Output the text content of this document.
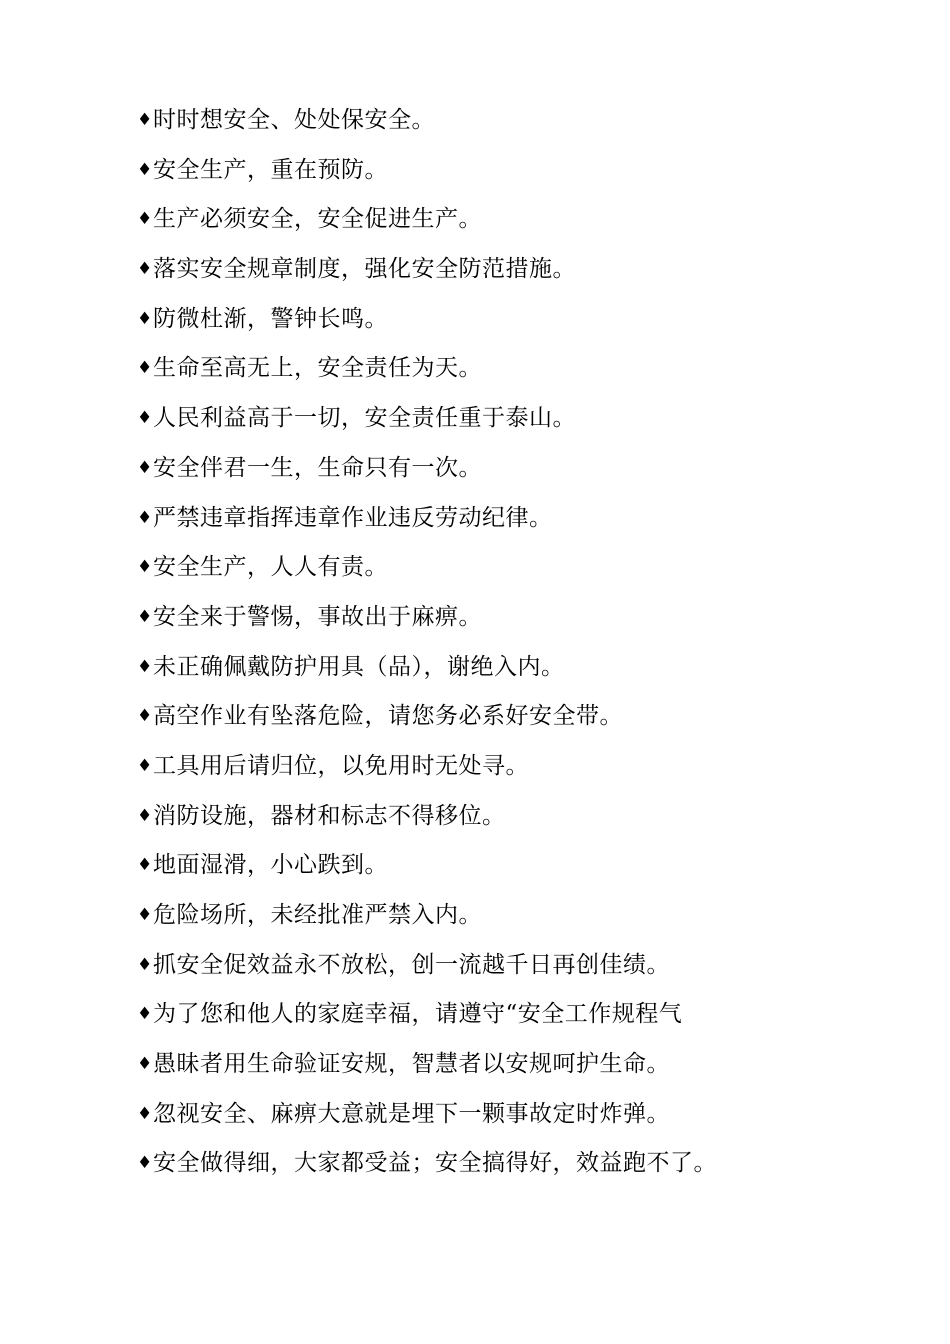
♦ 时时想安全、处处保安全。
♦ 安全生产，重在预防。
♦ 生产必须安全，安全促进生产。
♦ 落实安全规章制度，强化安全防范措施。
♦ 防微杜渐，警钟长鸣。
♦ 生命至高无上，安全责任为天。
♦ 人民利益高于一切，安全责任重于泰山。
♦ 安全伴君一生，生命只有一次。
♦ 严禁违章指挥违章作业违反劳动纪律。
♦ 安全生产，人人有责。
♦ 安全来于警惕，事故出于麻痹。
♦ 未正确佩戴防护用具（品），谢绝入内。
♦ 高空作业有坠落危险，请您务必系好安全带。
♦ 工具用后请归位，以免用时无处寻。
♦ 消防设施，器材和标志不得移位。
♦ 地面湿滑，小心跌到。
♦ 危险场所，未经批准严禁入内。
♦ 抓安全促效益永不放松，创一流越千日再创佳绩。
♦ 为了您和他人的家庭幸福，请遵守“安全工作规程气
♦ 愚昧者用生命验证安规，智慧者以安规呵护生命。
♦ 忽视安全、麻痹大意就是埋下一颗事故定时炸弹。
♦ 安全做得细，大家都受益；安全搞得好，效益跑不了。
